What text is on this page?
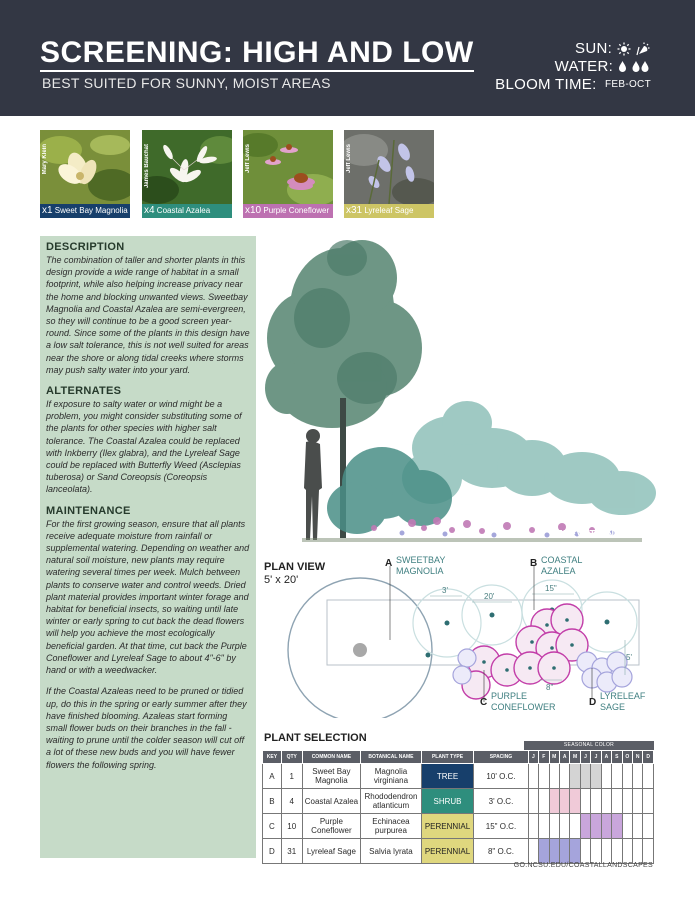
SCREENING: HIGH AND LOW
BEST SUITED FOR SUNNY, MOIST AREAS
SUN:
WATER:
BLOOM TIME: FEB-OCT
Mary Klein
x1 Sweet Bay Magnolia
James Bauchat
x4 Coastal Azalea
Jeff Lewis
x10 Purple Coneflower
Jeff Lewis
x31 Lyreleaf Sage
DESCRIPTION

The combination of taller and shorter plants in this design provide a wide range of habitat in a small footprint, while also helping increase privacy near the home and blocking unwanted views. Sweetbay Magnolia and Coastal Azalea are semi-evergreen, so they will continue to be a good screen year-round. Since some of the plants in this design have a low salt tolerance, this is not well suited for areas near the shore or along tidal creeks where storms may push salty water into your yard.

ALTERNATES

If exposure to salty water or wind might be a problem, you might consider substituting some of the plants for other species with higher salt tolerance. The Coastal Azalea could be replaced with Inkberry (Ilex glabra), and the Lyreleaf Sage could be replaced with Butterfly Weed (Asclepias tuberosa) or Sand Coreopsis (Coreopsis lanceolata).

MAINTENANCE

For the first growing season, ensure that all plants receive adequate moisture from rainfall or supplemental watering. Depending on weather and natural soil moisture, new plants may require watering several times per week. Mulch between plants to conserve water and control weeds. Dried plant material provides important winter forage and habitat for beneficial insects, so waiting until late winter or early spring to cut back the dead flowers will help you achieve the most ecologically beneficial garden. At that time, cut back the Purple Coneflower and Lyreleaf Sage to about 4"-6" by hand or with a weedwacker.

If the Coastal Azaleas need to be pruned or tidied up, do this in the spring or early summer after they have finished blooming. Azaleas start forming small flower buds on their branches in the fall - waiting to prune until the colder season will cut off a lot of these new buds and you will have fewer flowers the following spring.

ELEVATION VIEW
PLAN VIEW
5' x 20'
3'
20'
15"
5'
8"
A SWEETBAY
MAGNOLIA
B COASTAL
AZALEA
C
PURPLE
CONEFLOWER	D
LYRELEAF
SAGE
PLANT SELECTION
SEASONAL COLOR
KEY	QTY	COMMON NAME	BOTANICAL NAME	PLANT TYPE	SPACING	J	F	M	A	M	J	J	A	S	O	N	D
A	1	Sweet Bay Magnolia	Magnolia virginiana	TREE	10' O.C.												
B	4	Coastal Azalea	Rhododendron atlanticum	SHRUB	3' O.C.												
C	10	Purple Coneflower	Echinacea purpurea	PERENNIAL	15" O.C.												
D	31	Lyreleaf Sage	Salvia lyrata	PERENNIAL	8" O.C.												
GO.NCSU.EDU/COASTALLANDSCAPES
